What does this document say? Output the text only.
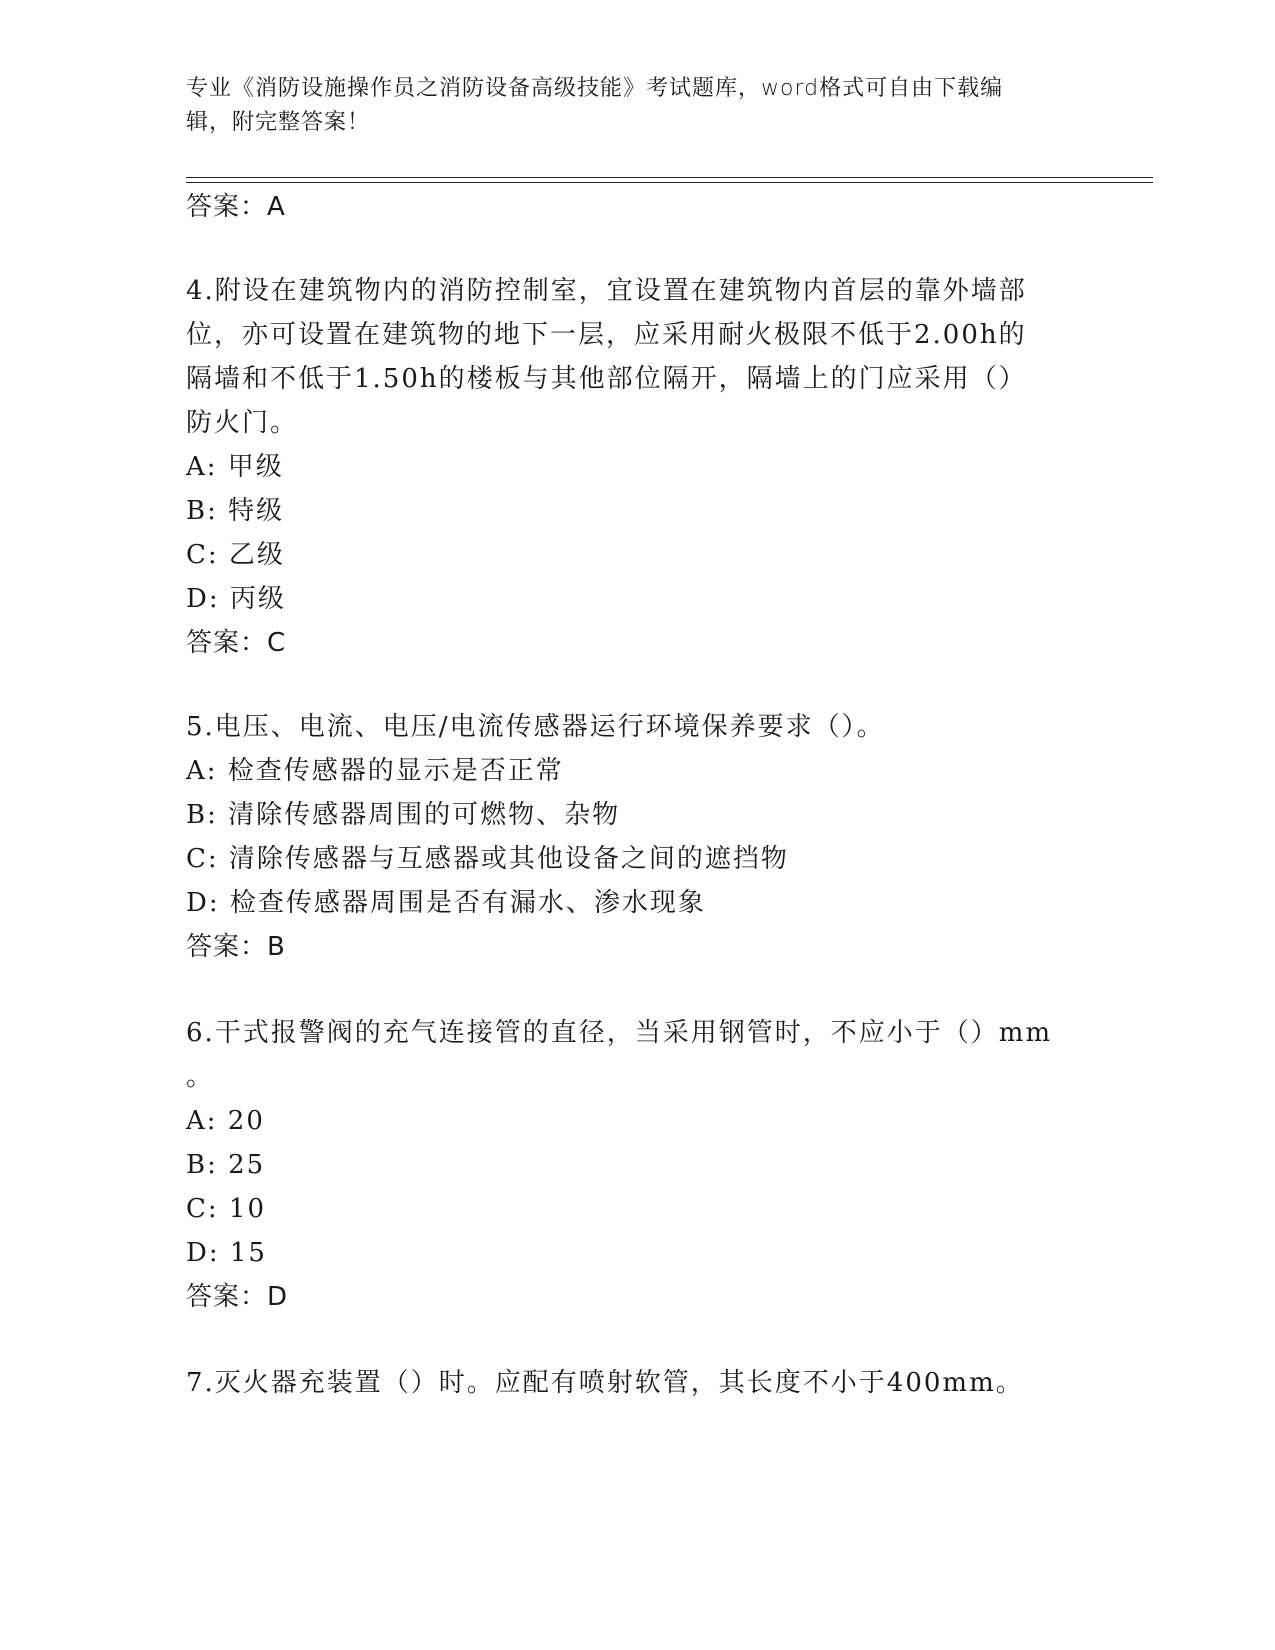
专业《消防设施操作员之消防设备高级技能》考试题库，word格式可自由下载编
辑，附完整答案！
答案：A
4.附设在建筑物内的消防控制室，宜设置在建筑物内首层的靠外墙部
位，亦可设置在建筑物的地下一层，应采用耐火极限不低于2.00h的
隔墙和不低于1.50h的楼板与其他部位隔开，隔墙上的门应采用（）
防火门。
A: 甲级
B: 特级
C: 乙级
D: 丙级
答案：C
5.电压、电流、电压/电流传感器运行环境保养要求（）。
A: 检查传感器的显示是否正常
B: 清除传感器周围的可燃物、杂物
C: 清除传感器与互感器或其他设备之间的遮挡物
D: 检查传感器周围是否有漏水、渗水现象
答案：B
6.干式报警阀的充气连接管的直径，当采用钢管时，不应小于（）mm
。
A: 20
B: 25
C: 10
D: 15
答案：D
7.灭火器充装置（）时。应配有喷射软管，其长度不小于400mm。
